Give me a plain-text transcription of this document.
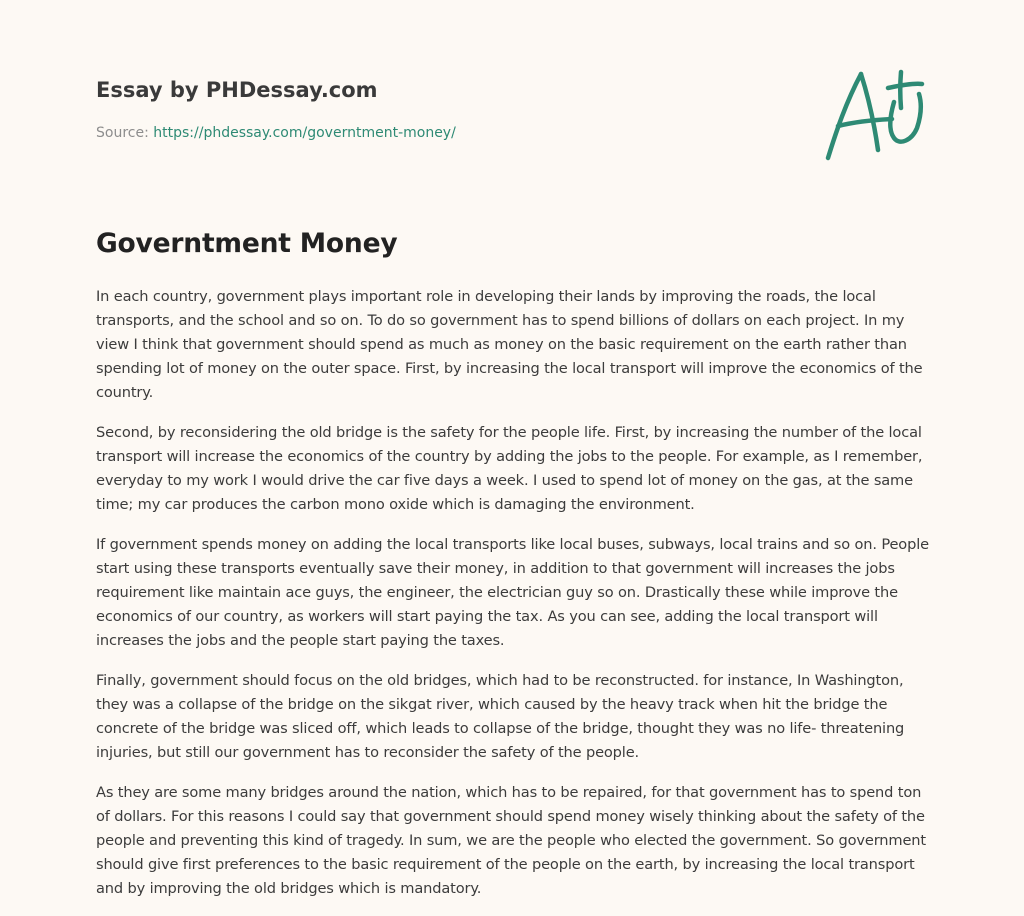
Essay by PHDessay.com
Source: https://phdessay.com/governtment-money/
Governtment Money

In each country, government plays important role in developing their lands by improving the roads, the local transports, and the school and so on. To do so government has to spend billions of dollars on each project. In my view I think that government should spend as much as money on the basic requirement on the earth rather than spending lot of money on the outer space. First, by increasing the local transport will improve the economics of the country.

Second, by reconsidering the old bridge is the safety for the people life. First, by increasing the number of the local transport will increase the economics of the country by adding the jobs to the people. For example, as I remember, everyday to my work I would drive the car five days a week. I used to spend lot of money on the gas, at the same time; my car produces the carbon mono oxide which is damaging the environment.

If government spends money on adding the local transports like local buses, subways, local trains and so on. People start using these transports eventually save their money, in addition to that government will increases the jobs requirement like maintain ace guys, the engineer, the electrician guy so on. Drastically these while improve the economics of our country, as workers will start paying the tax. As you can see, adding the local transport will increases the jobs and the people start paying the taxes.

Finally, government should focus on the old bridges, which had to be reconstructed. for instance, In Washington, they was a collapse of the bridge on the sikgat river, which caused by the heavy track when hit the bridge the concrete of the bridge was sliced off, which leads to collapse of the bridge, thought they was no life- threatening injuries, but still our government has to reconsider the safety of the people.

As they are some many bridges around the nation, which has to be repaired, for that government has to spend ton of dollars. For this reasons I could say that government should spend money wisely thinking about the safety of the people and preventing this kind of tragedy. In sum, we are the people who elected the government. So government should give first preferences to the basic requirement of the people on the earth, by increasing the local transport and by improving the old bridges which is mandatory.
